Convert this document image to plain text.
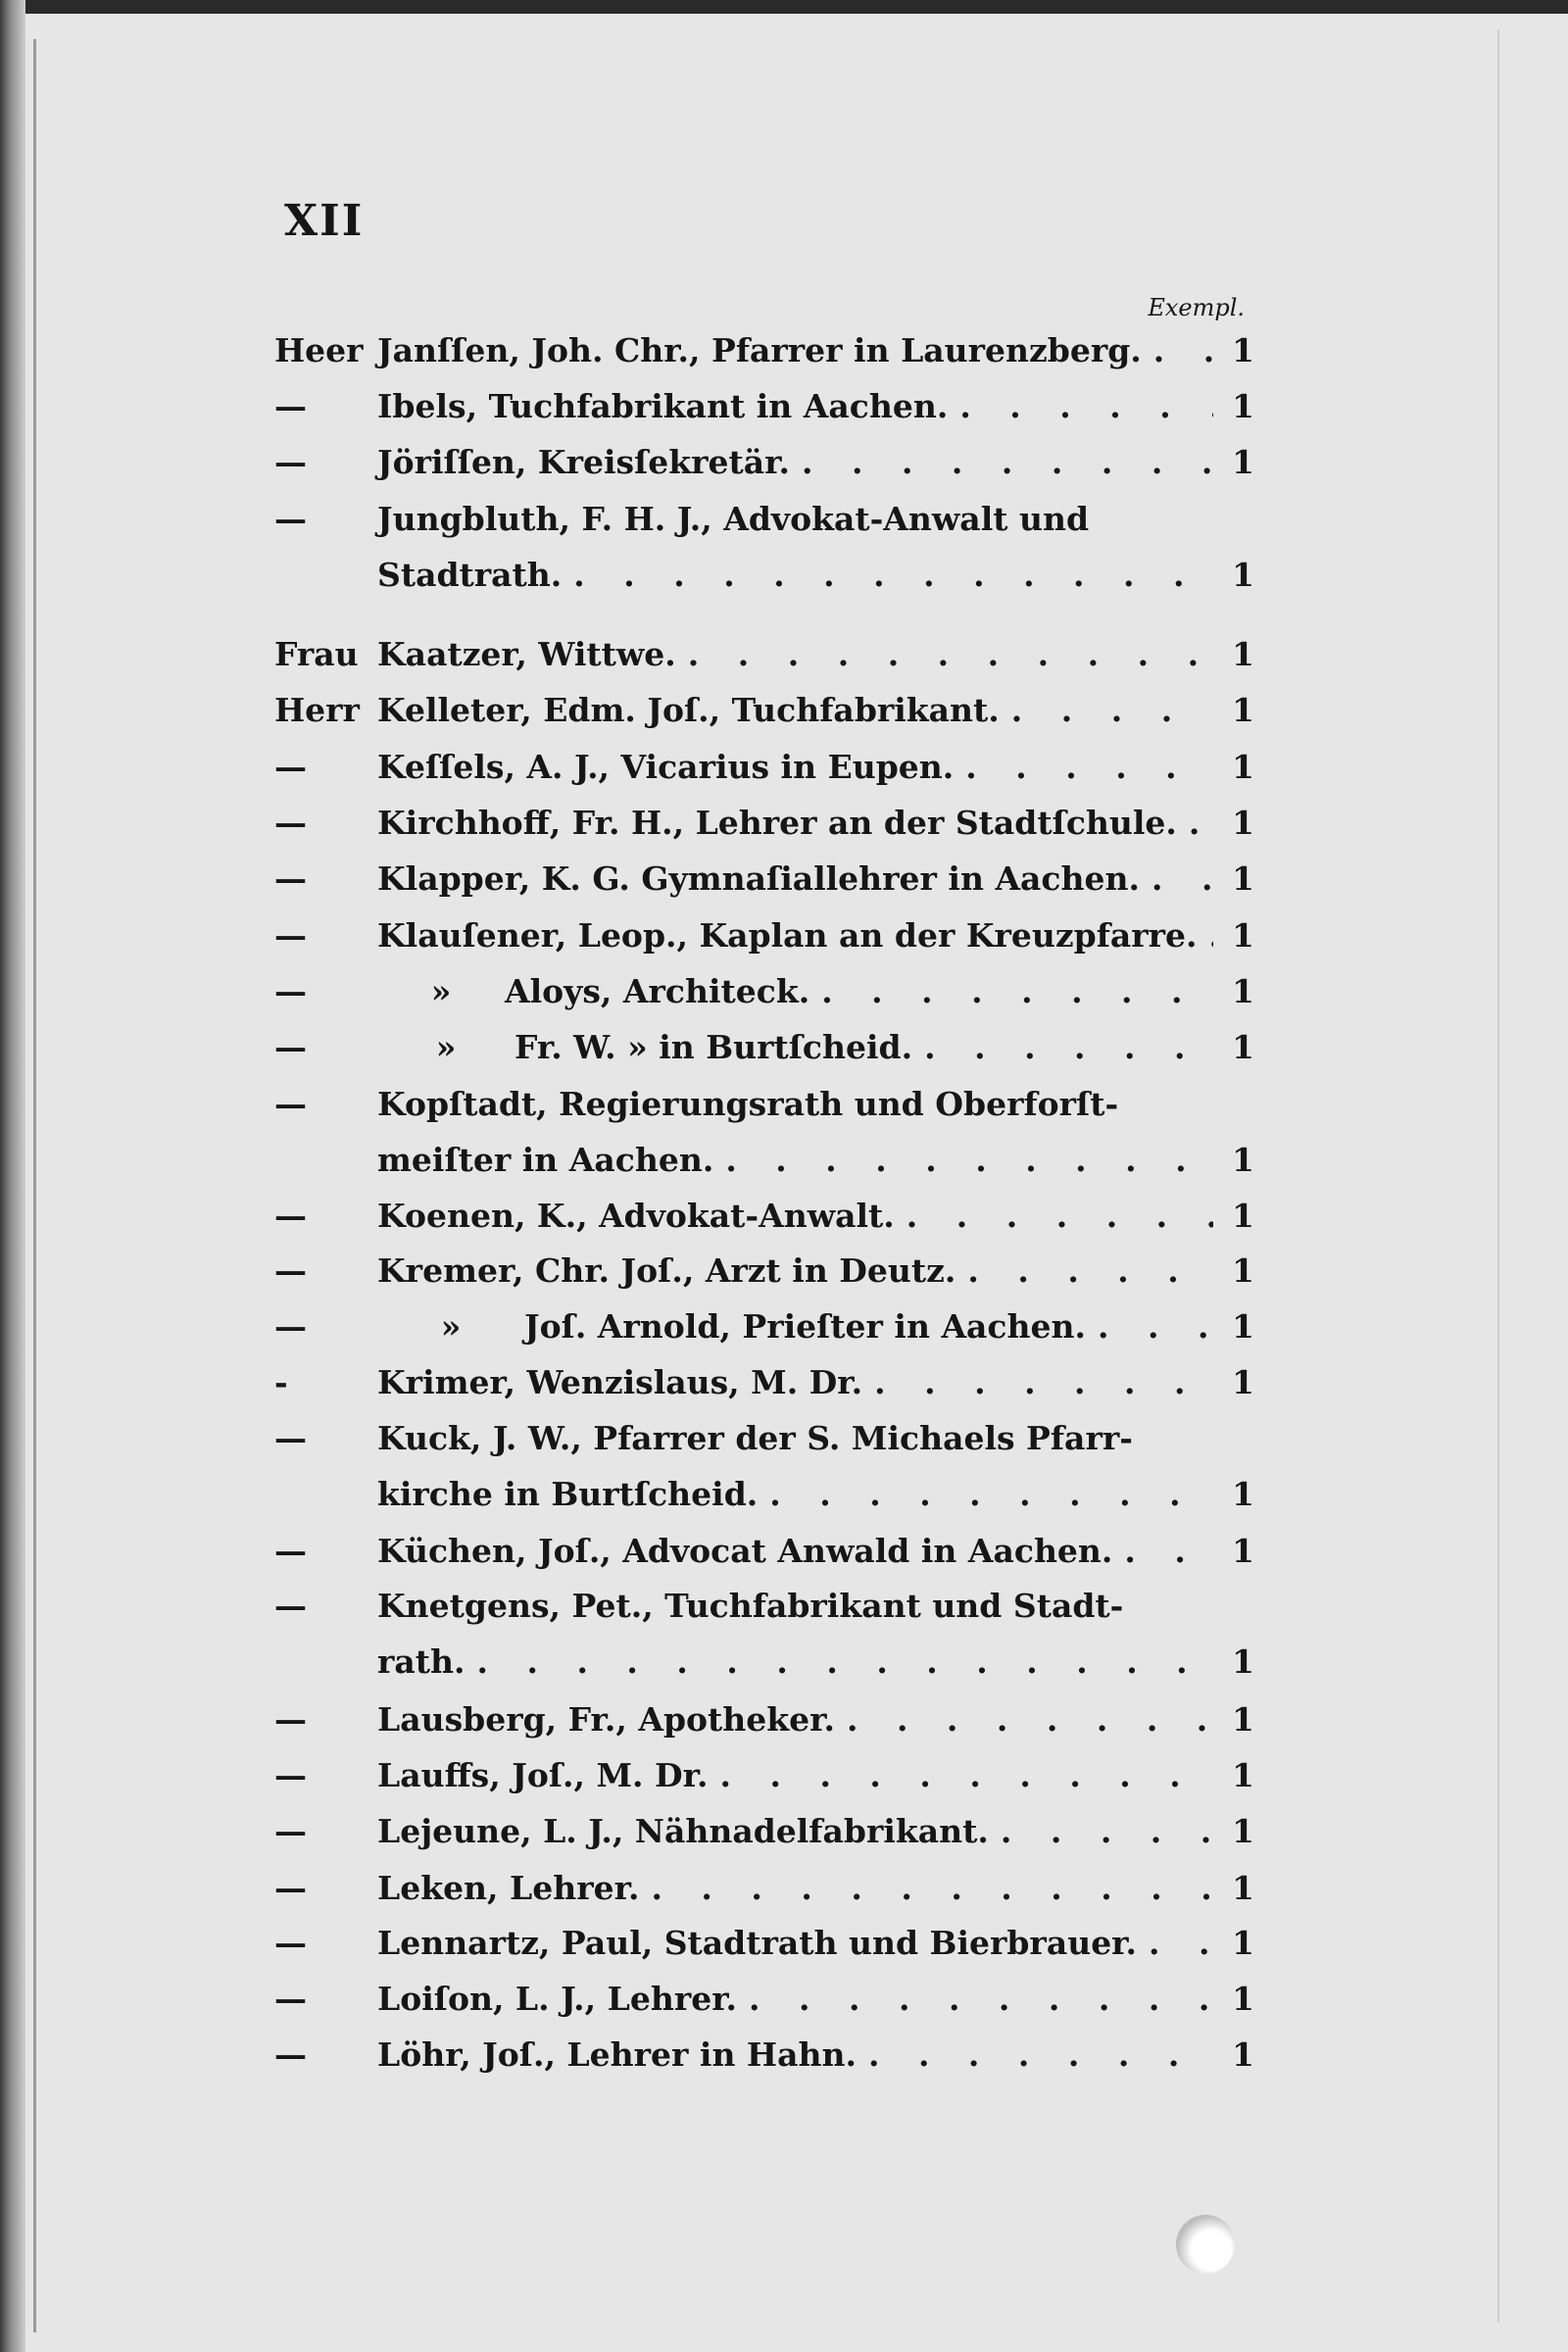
XII
Exempl.
Heer Janſſen, Joh. Chr., Pfarrer in Laurenzberg. . . .	1
—	Ibels, Tuchfabrikant in Aachen. . . .	1
—	Jöriſſen, Kreisſekretär. . . .	1
—	Jungbluth, F. H. J., Advokat-Anwalt und
Stadtrath. . . .	1
Frau Kaatzer, Wittwe. . . .	1
Herr Kelleter, Edm. Joſ., Tuchfabrikant. . . .	1
—	Keſſels, A. J., Vicarius in Eupen. . . .	1
—	Kirchhoff, Fr. H., Lehrer an der Stadtſchule. . . . 1
—	Klapper, K. G. Gymnaſiallehrer in Aachen. . . .	1
—	Klauſener, Leop., Kaplan an der Kreuzpfarre. . . . 1
—	»	Aloys, Architeck. . . .	1
—	»	Fr. W. » in Burtſcheid. . . .	1
—	Kopſtadt, Regierungsrath und Oberforſt-
meiſter in Aachen. . . .	1
—	Koenen, K., Advokat-Anwalt. . . .	1
—	Kremer, Chr. Joſ., Arzt in Deutz. . . .	1
—	»	Joſ. Arnold, Prieſter in Aachen. . . .	1
-	Krimer, Wenzislaus, M. Dr. . . .	1
—	Kuck, J. W., Pfarrer der S. Michaels Pfarr-
kirche in Burtſcheid. . . .	1
—	Küchen, Joſ., Advocat Anwald in Aachen. . . .	1
—	Knetgens, Pet., Tuchfabrikant und Stadt-
rath. . . .	1
—	Lausberg, Fr., Apotheker. . . .	1
—	Lauffs, Joſ., M. Dr. . . .	1
—	Lejeune, L. J., Nähnadelfabrikant. . . .	1
—	Leken, Lehrer. . . .	1
—	Lennartz, Paul, Stadtrath und Bierbrauer. . . .	1
—	Loiſon, L. J., Lehrer. . . .	1
—	Löhr, Joſ., Lehrer in Hahn. . . .	1
